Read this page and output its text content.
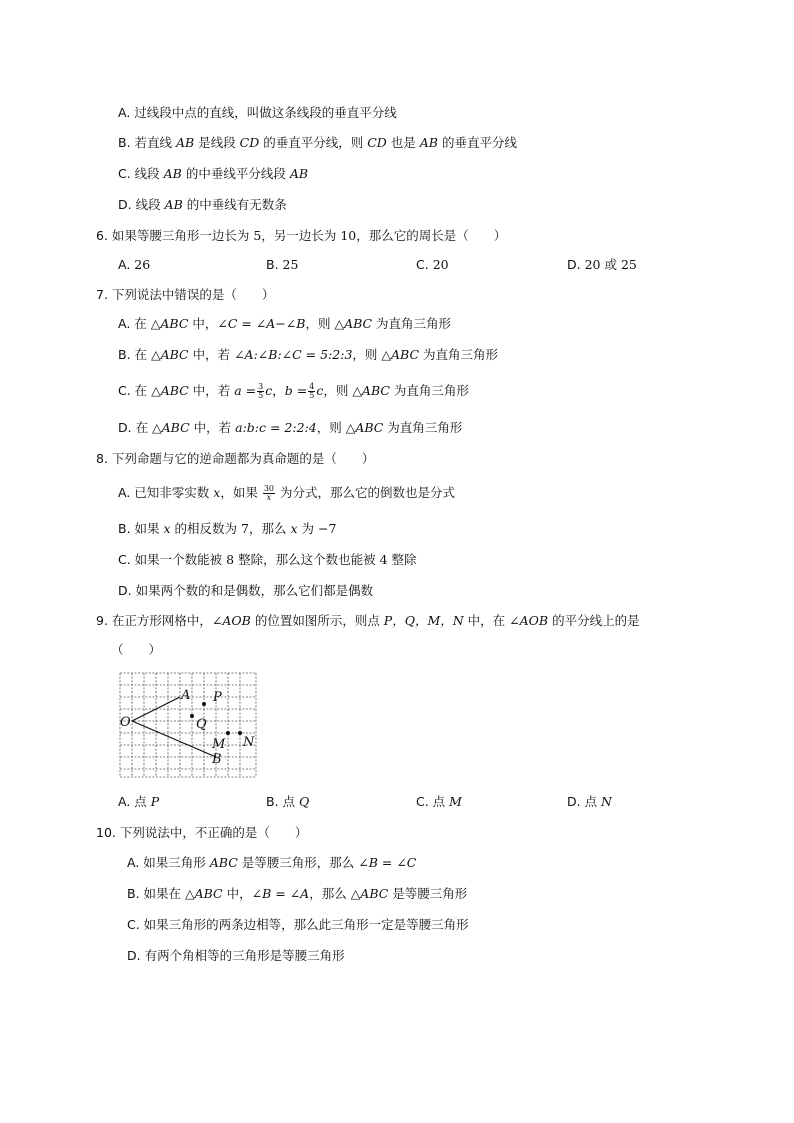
A. 过线段中点的直线，叫做这条线段的垂直平分线
B. 若直线 AB 是线段 CD 的垂直平分线，则 CD 也是 AB 的垂直平分线
C. 线段 AB 的中垂线平分线段 AB
D. 线段 AB 的中垂线有无数条
6. 如果等腰三角形一边长为 5，另一边长为 10，那么它的周长是（　　）
A. 26	B. 25	C. 20	D. 20 或 25
7. 下列说法中错误的是（　　）
A. 在 △ABC 中，∠C = ∠A−∠B，则 △ABC 为直角三角形
B. 在 △ABC 中，若 ∠A:∠B:∠C = 5:2:3，则 △ABC 为直角三角形
C. 在 △ABC 中，若 $a = \frac{3}{5}$ c，$b = \frac{4}{5}$ c，则 △ABC 为直角三角形
D. 在 △ABC 中，若 a:b:c = 2:2:4，则 △ABC 为直角三角形
8. 下列命题与它的逆命题都为真命题的是（　　）
A. 已知非零实数 x，如果 $\frac{30}{x}$ 为分式，那么它的倒数也是分式
B. 如果 x 的相反数为 7，那么 x 为 −7
C. 如果一个数能被 8 整除，那么这个数也能被 4 整除
D. 如果两个数的和是偶数，那么它们都是偶数
9. 在正方形网格中，∠AOB 的位置如图所示，则点 P，Q，M，N 中，在 ∠AOB 的平分线上的是
（　　）
O
A
B
P
Q
M N
A. 点 P	B. 点 Q	C. 点 M	D. 点 N
10. 下列说法中，不正确的是（　　）
A. 如果三角形 ABC 是等腰三角形，那么 ∠B = ∠C
B. 如果在 △ABC 中，∠B = ∠A，那么 △ABC 是等腰三角形
C. 如果三角形的两条边相等，那么此三角形一定是等腰三角形
D. 有两个角相等的三角形是等腰三角形
